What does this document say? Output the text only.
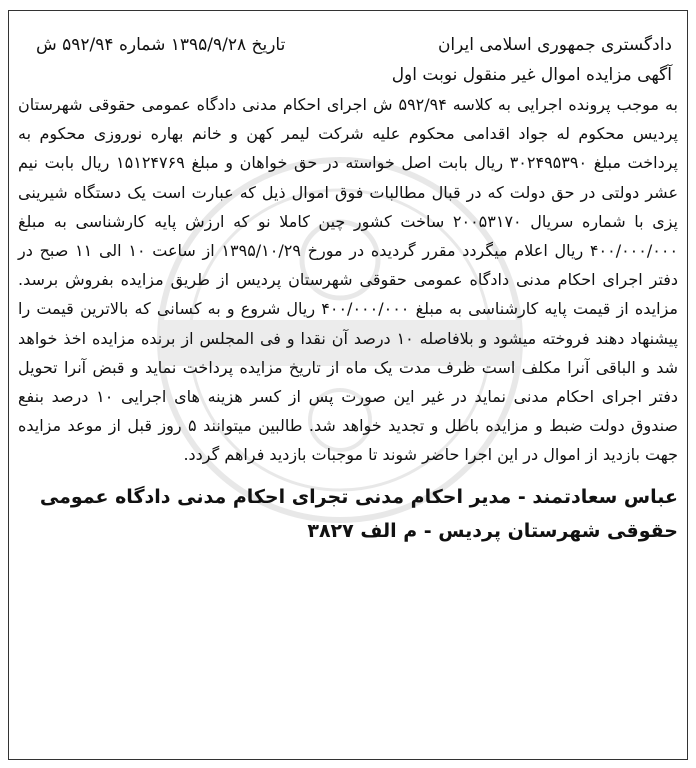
دادگستری جمهوری اسلامی ایران
تاریخ ۱۳۹۵/۹/۲۸ شماره ۵۹۲/۹۴ ش
آگهی مزایده اموال غیر منقول نوبت اول

به موجب پرونده اجرایی به کلاسه ۵۹۲/۹۴ ش اجرای احکام مدنی دادگاه عمومی حقوقی شهرستان پردیس محکوم له جواد اقدامی محکوم علیه شرکت لیمر کهن و خانم بهاره نوروزی محکوم به پرداخت مبلغ ۳۰۲۴۹۵۳۹۰ ریال بابت اصل خواسته در حق خواهان و مبلغ ۱۵۱۲۴۷۶۹ ریال بابت نیم عشر دولتی در حق دولت که در قبال مطالبات فوق اموال ذیل که عبارت است یک دستگاه شیرینی پزی با شماره سریال ۲۰۰۵۳۱۷۰ ساخت کشور چین کاملا نو که ارزش پایه کارشناسی به مبلغ ۴۰۰/۰۰۰/۰۰۰ ریال اعلام میگردد مقرر گردیده در مورخ ۱۳۹۵/۱۰/۲۹ از ساعت ۱۰ الی ۱۱ صبح در دفتر اجرای احکام مدنی دادگاه عمومی حقوقی شهرستان پردیس از طریق مزایده بفروش برسد. مزایده از قیمت پایه کارشناسی به مبلغ ۴۰۰/۰۰۰/۰۰۰ ریال شروع و به کسانی که بالاترین قیمت را پیشنهاد دهند فروخته میشود و بلافاصله ۱۰ درصد آن نقدا و فی المجلس از برنده مزایده اخذ خواهد شد و الباقی آنرا مکلف است ظرف مدت یک ماه از تاریخ مزایده پرداخت نماید و قبض آنرا تحویل دفتر اجرای احکام مدنی نماید در غیر این صورت پس از کسر هزینه های اجرایی ۱۰ درصد بنفع صندوق دولت ضبط و مزایده باطل و تجدید خواهد شد. طالبین میتوانند ۵ روز قبل از موعد مزایده جهت بازدید از اموال در این اجرا حاضر شوند تا موجبات بازدید فراهم گردد.

عباس سعادتمند - مدیر احکام مدنی تجرای احکام مدنی دادگاه عمومی حقوقی شهرستان پردیس - م الف ۳۸۲۷
